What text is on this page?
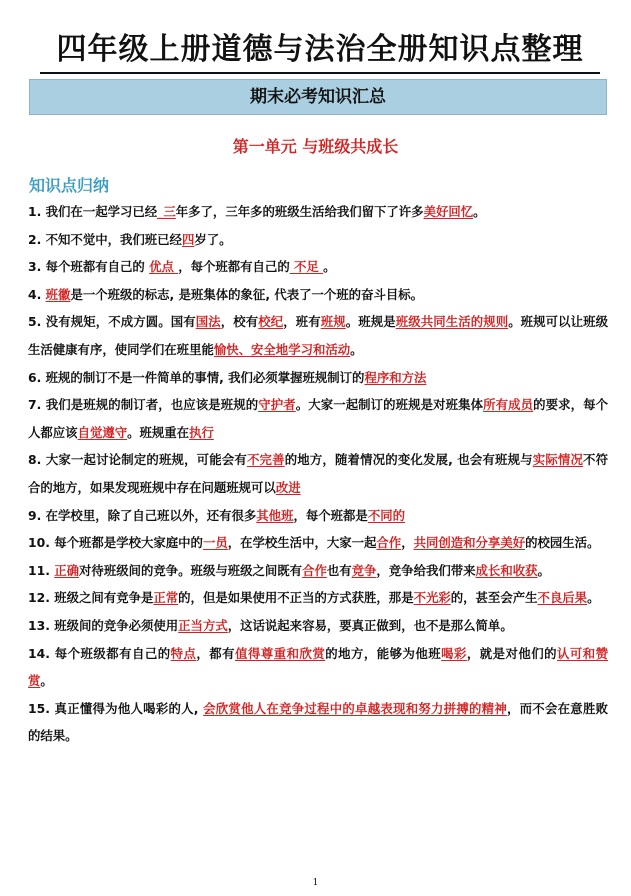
四年级上册道德与法治全册知识点整理
期末必考知识汇总
第一单元 与班级共成长
知识点归纳

1. 我们在一起学习已经_三年多了，三年多的班级生活给我们留下了许多美好回忆。

2. 不知不觉中，我们班已经四岁了。

3. 每个班都有自己的 优点 ，每个班都有自己的 不足 。

4. 班徽是一个班级的标志, 是班集体的象征, 代表了一个班的奋斗目标。

5. 没有规矩，不成方圆。国有国法，校有校纪，班有班规。班规是班级共同生活的规则。班规可以让班级生活健康有序，使同学们在班里能愉快、安全地学习和活动。

6. 班规的制订不是一件简单的事情, 我们必须掌握班规制订的程序和方法

7. 我们是班规的制订者，也应该是班规的守护者。大家一起制订的班规是对班集体所有成员的要求，每个人都应该自觉遵守。班规重在执行

8. 大家一起讨论制定的班规，可能会有不完善的地方，随着情况的变化发展, 也会有班规与实际情况不符合的地方，如果发现班规中存在问题班规可以改进

9. 在学校里，除了自己班以外，还有很多其他班，每个班都是不同的

10. 每个班都是学校大家庭中的一员，在学校生活中，大家一起合作，共同创造和分享美好的校园生活。

11. 正确对待班级间的竞争。班级与班级之间既有合作也有竞争，竞争给我们带来成长和收获。

12. 班级之间有竞争是正常的，但是如果使用不正当的方式获胜，那是不光彩的，甚至会产生不良后果。

13. 班级间的竞争必须使用正当方式，这话说起来容易，要真正做到，也不是那么简单。

14. 每个班级都有自己的特点，都有值得尊重和欣赏的地方，能够为他班喝彩，就是对他们的认可和赞赏。

15. 真正懂得为他人喝彩的人, 会欣赏他人在竞争过程中的卓越表现和努力拼搏的精神，而不会在意胜败的结果。

1
